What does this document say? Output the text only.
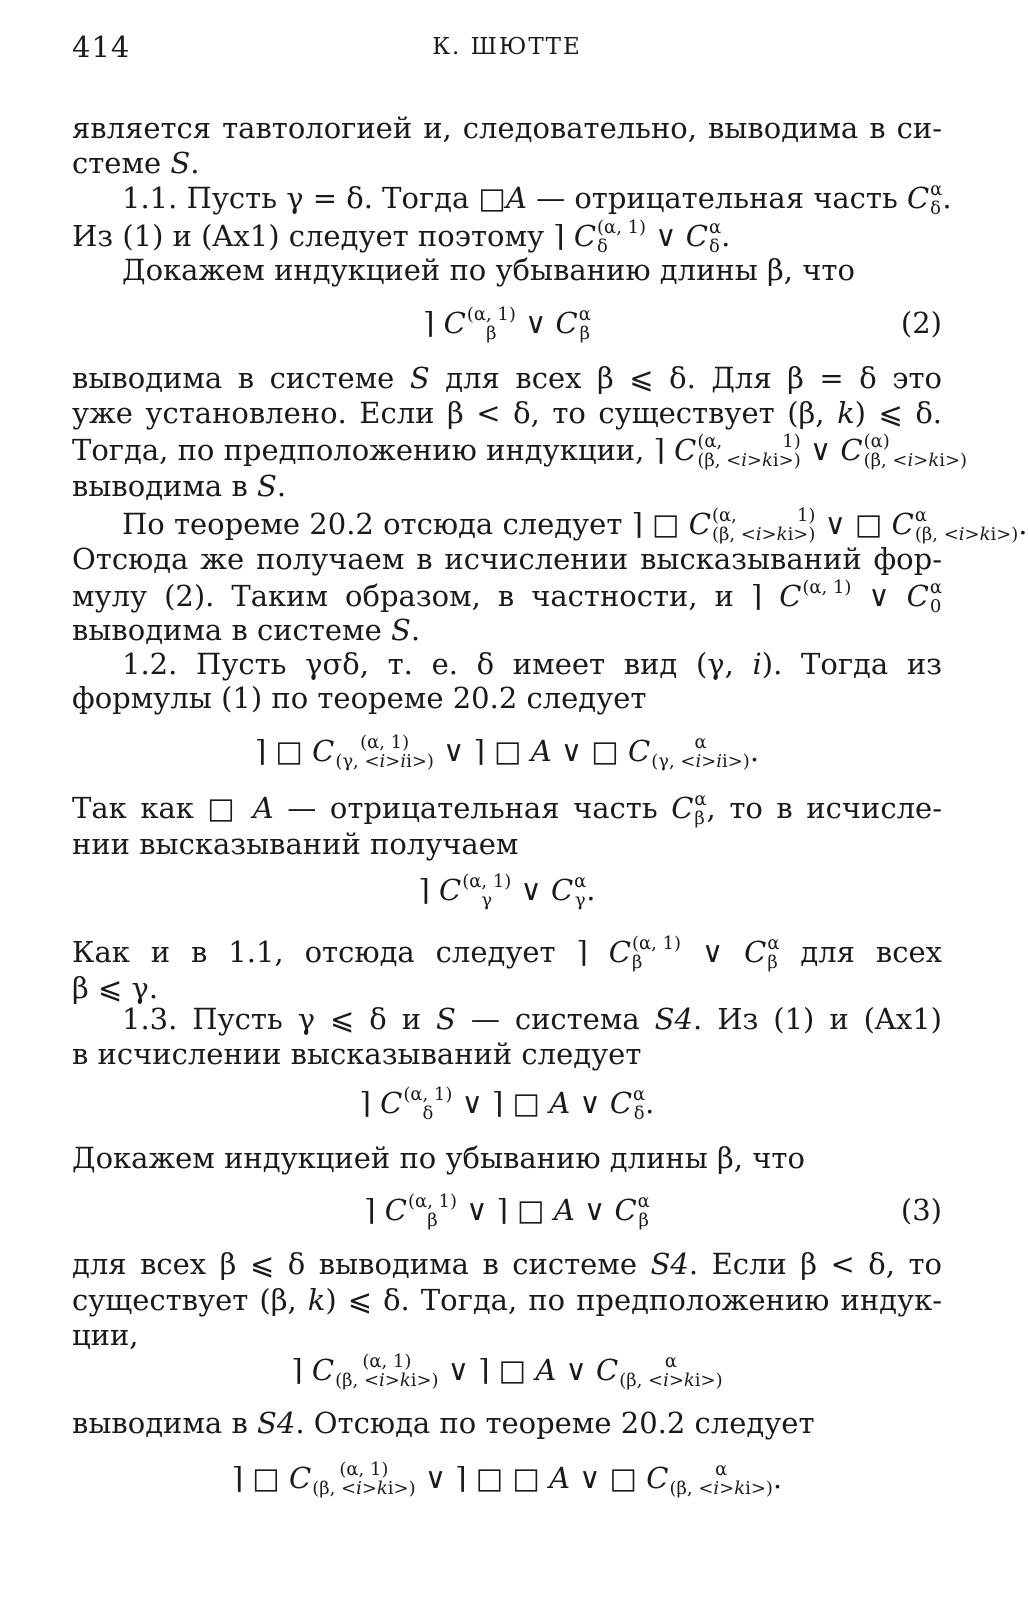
414	К. ШЮТТЕ
является тавтологией и, следовательно, выводима в си-
стеме S.
1.1. Пусть γ = δ. Тогда □A — отрицательная часть C α
δ .
Из (1) и (Ax1) следует поэтому ⌉ C (α, 1)
δ	∨ C α
δ .
Докажем индукцией по убыванию длины β, что
⌉ C (α, 1)
β ∨ C α
β	(2)
выводима в системе S для всех β ⩽ δ. Для β = δ это
уже установлено. Если β < δ, то существует (β, k) ⩽ δ.
Тогда, по предположению индукции, ⌉ C (α, 1)
(β, <i>ki>) ∨ C (α)
(β, <i>ki>)
выводима в S.
По теореме 20.2 отсюда следует ⌉ □ C (α, 1)
(β, <i>ki>) ∨ □ C α
(β, <i>ki>) .
Отсюда же получаем в исчислении высказываний фор-
мулу (2). Таким образом, в частности, и ⌉ C (α, 1)
∨ C α
0
выводима в системе S.
1.2. Пусть γσδ, т. е. δ имеет вид (γ, i). Тогда из
формулы (1) по теореме 20.2 следует
⌉ □ C	(α, 1)
(γ, <i>ii>) ∨ ⌉ □ A ∨ □ C	α
(γ, <i>ii>) .
Так как □ A — отрицательная часть C α
β , то в исчисле-
нии высказываний получаем
⌉ C (α, 1)
γ ∨ C α
γ .
Как и в 1.1, отсюда следует ⌉ C (α, 1)
β	∨ C α
β для всех
β ⩽ γ.
1.3. Пусть γ ⩽ δ и S — система S4. Из (1) и (Ax1)
в исчислении высказываний следует
⌉ C (α, 1)
δ ∨ ⌉ □ A ∨ C α
δ .
Докажем индукцией по убыванию длины β, что
⌉ C (α, 1)
β ∨ ⌉ □ A ∨ C α
β	(3)
для всех β ⩽ δ выводима в системе S4. Если β < δ, то
существует (β, k) ⩽ δ. Тогда, по предположению индук-
ции,
⌉ C	(α, 1)
(β, <i>ki>) ∨ ⌉ □ A ∨ C	α
(β, <i>ki>)
выводима в S4. Отсюда по теореме 20.2 следует
⌉ □ C	(α, 1)
(β, <i>ki>) ∨ ⌉ □ □ A ∨ □ C	α
(β, <i>ki>) .
